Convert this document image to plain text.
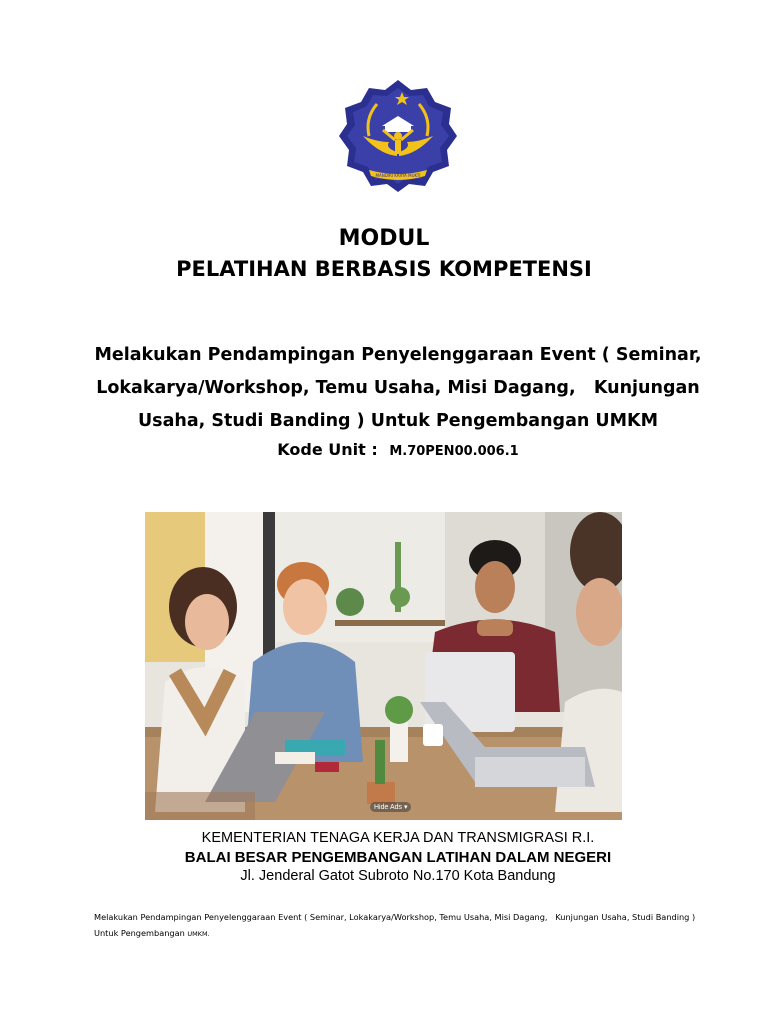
MANDIRI KARYA MUKTI
MODUL
PELATIHAN BERBASIS KOMPETENSI
Melakukan Pendampingan Penyelenggaraan Event ( Seminar,
Lokakarya/Workshop, Temu Usaha, Misi Dagang,   Kunjungan
Usaha, Studi Banding ) Untuk Pengembangan UMKM
Kode Unit : M.70PEN00.006.1
Hide Ads ▾
KEMENTERIAN TENAGA KERJA DAN TRANSMIGRASI R.I.
BALAI BESAR PENGEMBANGAN LATIHAN DALAM NEGERI
Jl. Jenderal Gatot Subroto No.170 Kota Bandung
Melakukan Pendampingan Penyelenggaraan Event ( Seminar, Lokakarya/Workshop, Temu Usaha, Misi Dagang,   Kunjungan Usaha, Studi Banding )
Untuk Pengembangan UMKM.
